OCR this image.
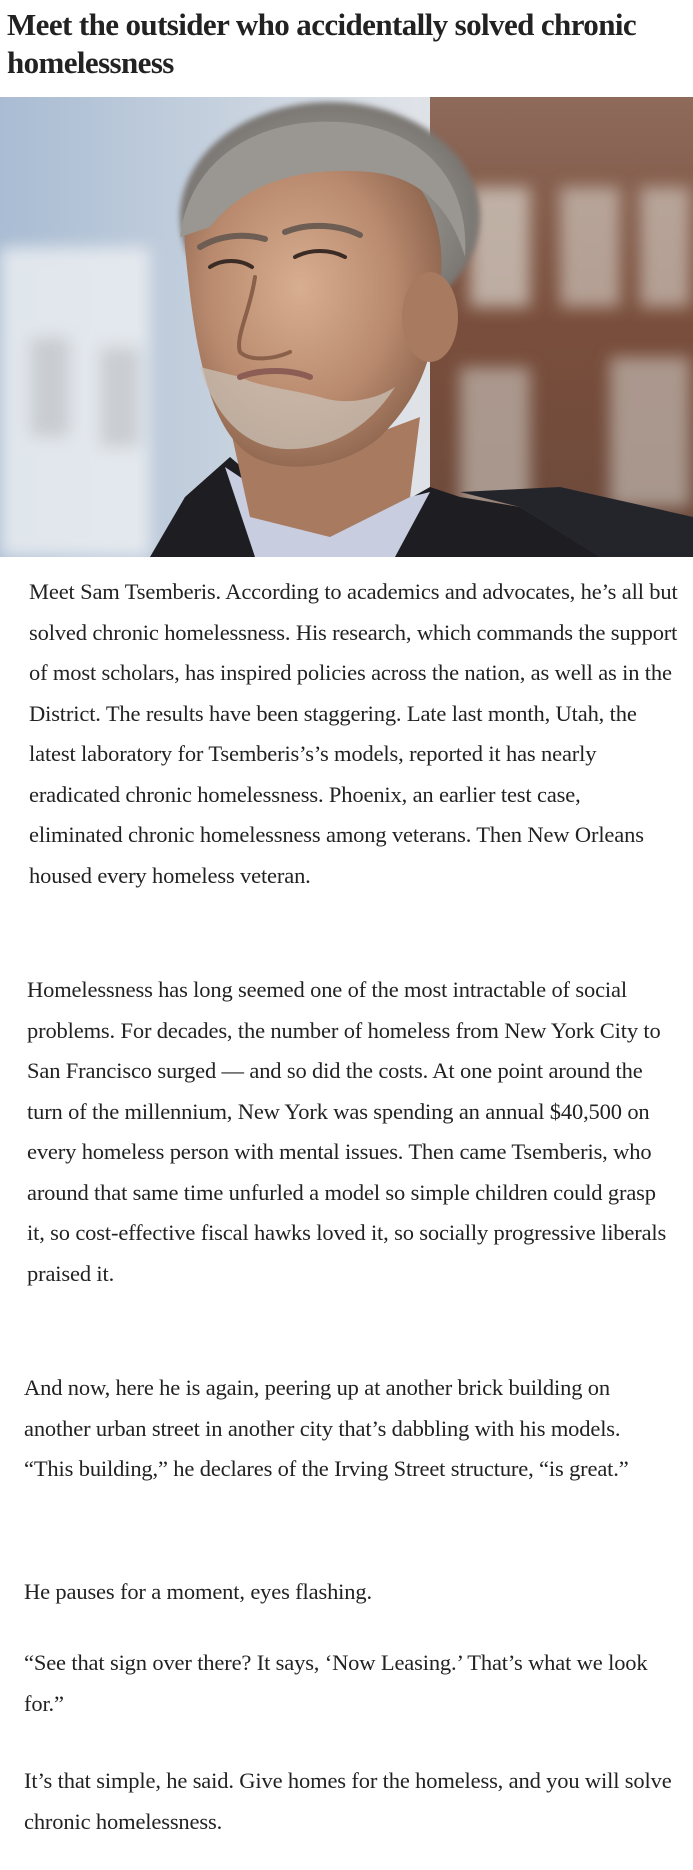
Meet the outsider who accidentally solved chronic homelessness

Meet Sam Tsemberis. According to academics and advocates, he’s all but solved chronic homelessness. His research, which commands the support of most scholars, has inspired policies across the nation, as well as in the District. The results have been staggering. Late last month, Utah, the latest laboratory for Tsemberis’s’s models, reported it has nearly eradicated chronic homelessness. Phoenix, an earlier test case, eliminated chronic homelessness among veterans. Then New Orleans housed every homeless veteran.

Homelessness has long seemed one of the most intractable of social problems. For decades, the number of homeless from New York City to San Francisco surged — and so did the costs. At one point around the turn of the millennium, New York was spending an annual $40,500 on every homeless person with mental issues. Then came Tsemberis, who around that same time unfurled a model so simple children could grasp it, so cost-effective fiscal hawks loved it, so socially progressive liberals praised it.

And now, here he is again, peering up at another brick building on another urban street in another city that’s dabbling with his models. “This building,” he declares of the Irving Street structure, “is great.”

He pauses for a moment, eyes flashing.

“See that sign over there? It says, ‘Now Leasing.’ That’s what we look for.”

It’s that simple, he said. Give homes for the homeless, and you will solve chronic homelessness.
